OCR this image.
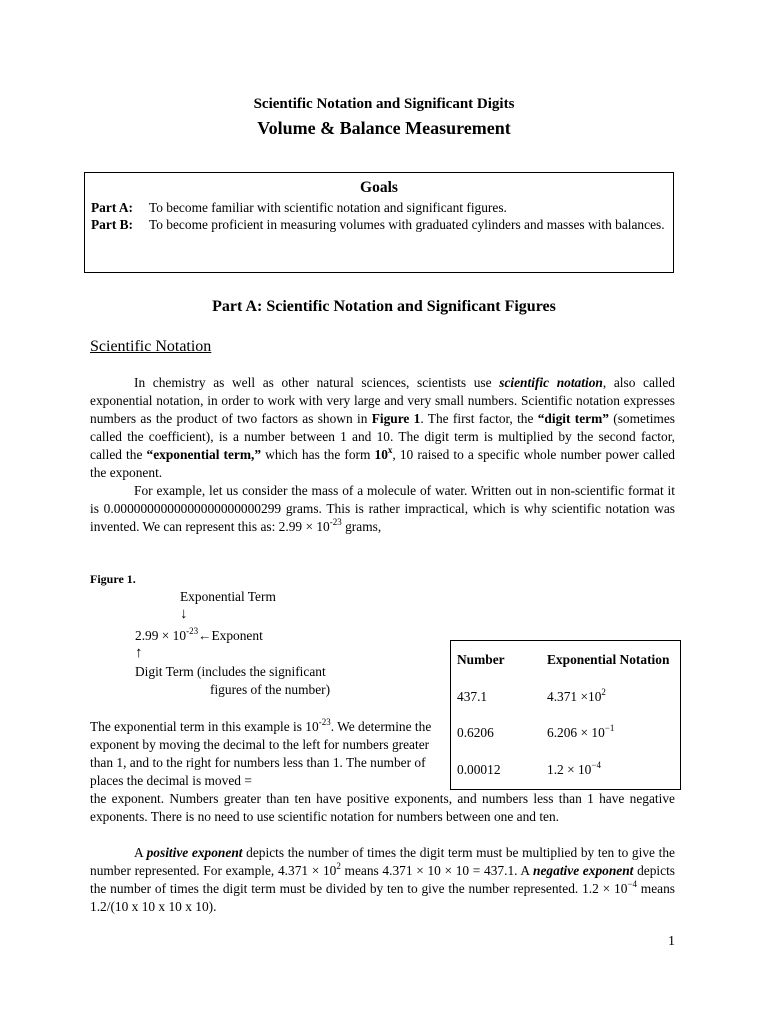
Scientific Notation and Significant Digits
Volume & Balance Measurement
Goals
Part A:	To become familiar with scientific notation and significant figures.
Part B:	To become proficient in measuring volumes with graduated cylinders and masses with balances.
Part A: Scientific Notation and Significant Figures
Scientific Notation

In chemistry as well as other natural sciences, scientists use scientific notation, also called exponential notation, in order to work with very large and very small numbers. Scientific notation expresses numbers as the product of two factors as shown in Figure 1. The first factor, the “digit term” (sometimes called the coefficient), is a number between 1 and 10. The digit term is multiplied by the second factor, called the “exponential term,” which has the form 10$^x$, 10 raised to a specific whole number power called the exponent.

For example, let us consider the mass of a molecule of water. Written out in non-scientific format it is 0.0000000000000000000000299 grams. This is rather impractical, which is why scientific notation was invented. We can represent this as: $2.99 \times 10^{-23}$ grams,

Figure 1.
Exponential Term
↓
$2.99 \times 10^{-23}\leftarrow Exponent$
↑
Digit Term (includes the significant
figures of the number)
Number	Exponential Notation
437.1	$4.371 \times 10^2$
0.6206	$6.206 \times 10^{-1}$
0.00012	$1.2 \times 10^{-4}$
The exponential term in this example is $10^{-23}$. We determine the exponent by moving the decimal to the left for numbers greater than 1, and to the right for numbers less than 1. The number of places the decimal is moved =
the exponent. Numbers greater than ten have positive exponents, and numbers less than 1 have negative exponents. There is no need to use scientific notation for numbers between one and ten.

A positive exponent depicts the number of times the digit term must be multiplied by ten to give the number represented. For example, $4.371 \times 10^2$ means 4.371 × 10 × 10 = 437.1. A negative exponent depicts the number of times the digit term must be divided by ten to give the number represented. $1.2 \times 10^{-4}$ means 1.2/(10 x 10 x 10 x 10).

1
